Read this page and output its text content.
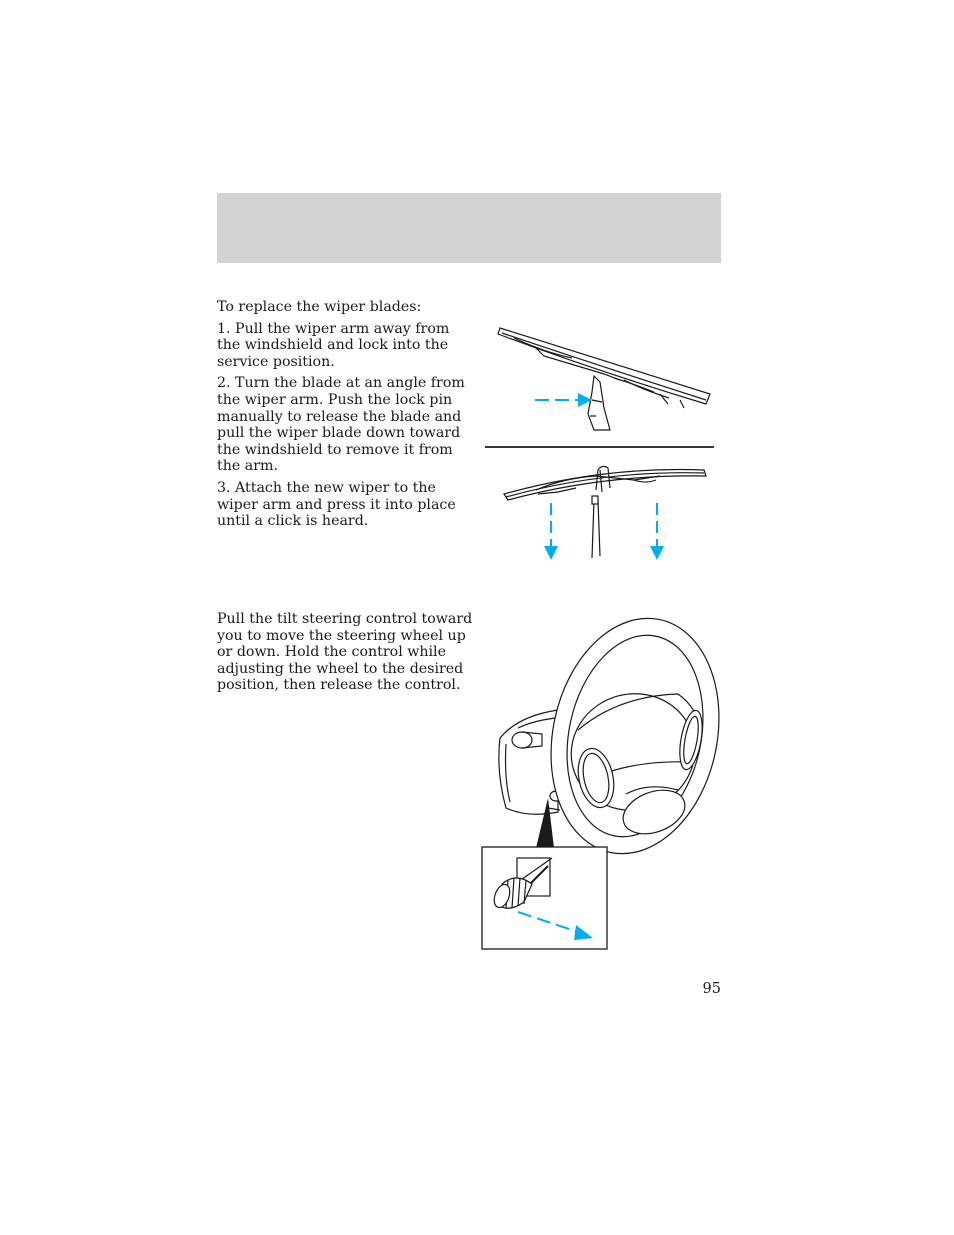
To replace the wiper blades:

1. Pull the wiper arm away from the windshield and lock into the service position.

2. Turn the blade at an angle from the wiper arm. Push the lock pin manually to release the blade and pull the wiper blade down toward the windshield to remove it from the arm.

3. Attach the new wiper to the wiper arm and press it into place until a click is heard.

Pull the tilt steering control toward you to move the steering wheel up or down. Hold the control while adjusting the wheel to the desired position, then release the control.

95
